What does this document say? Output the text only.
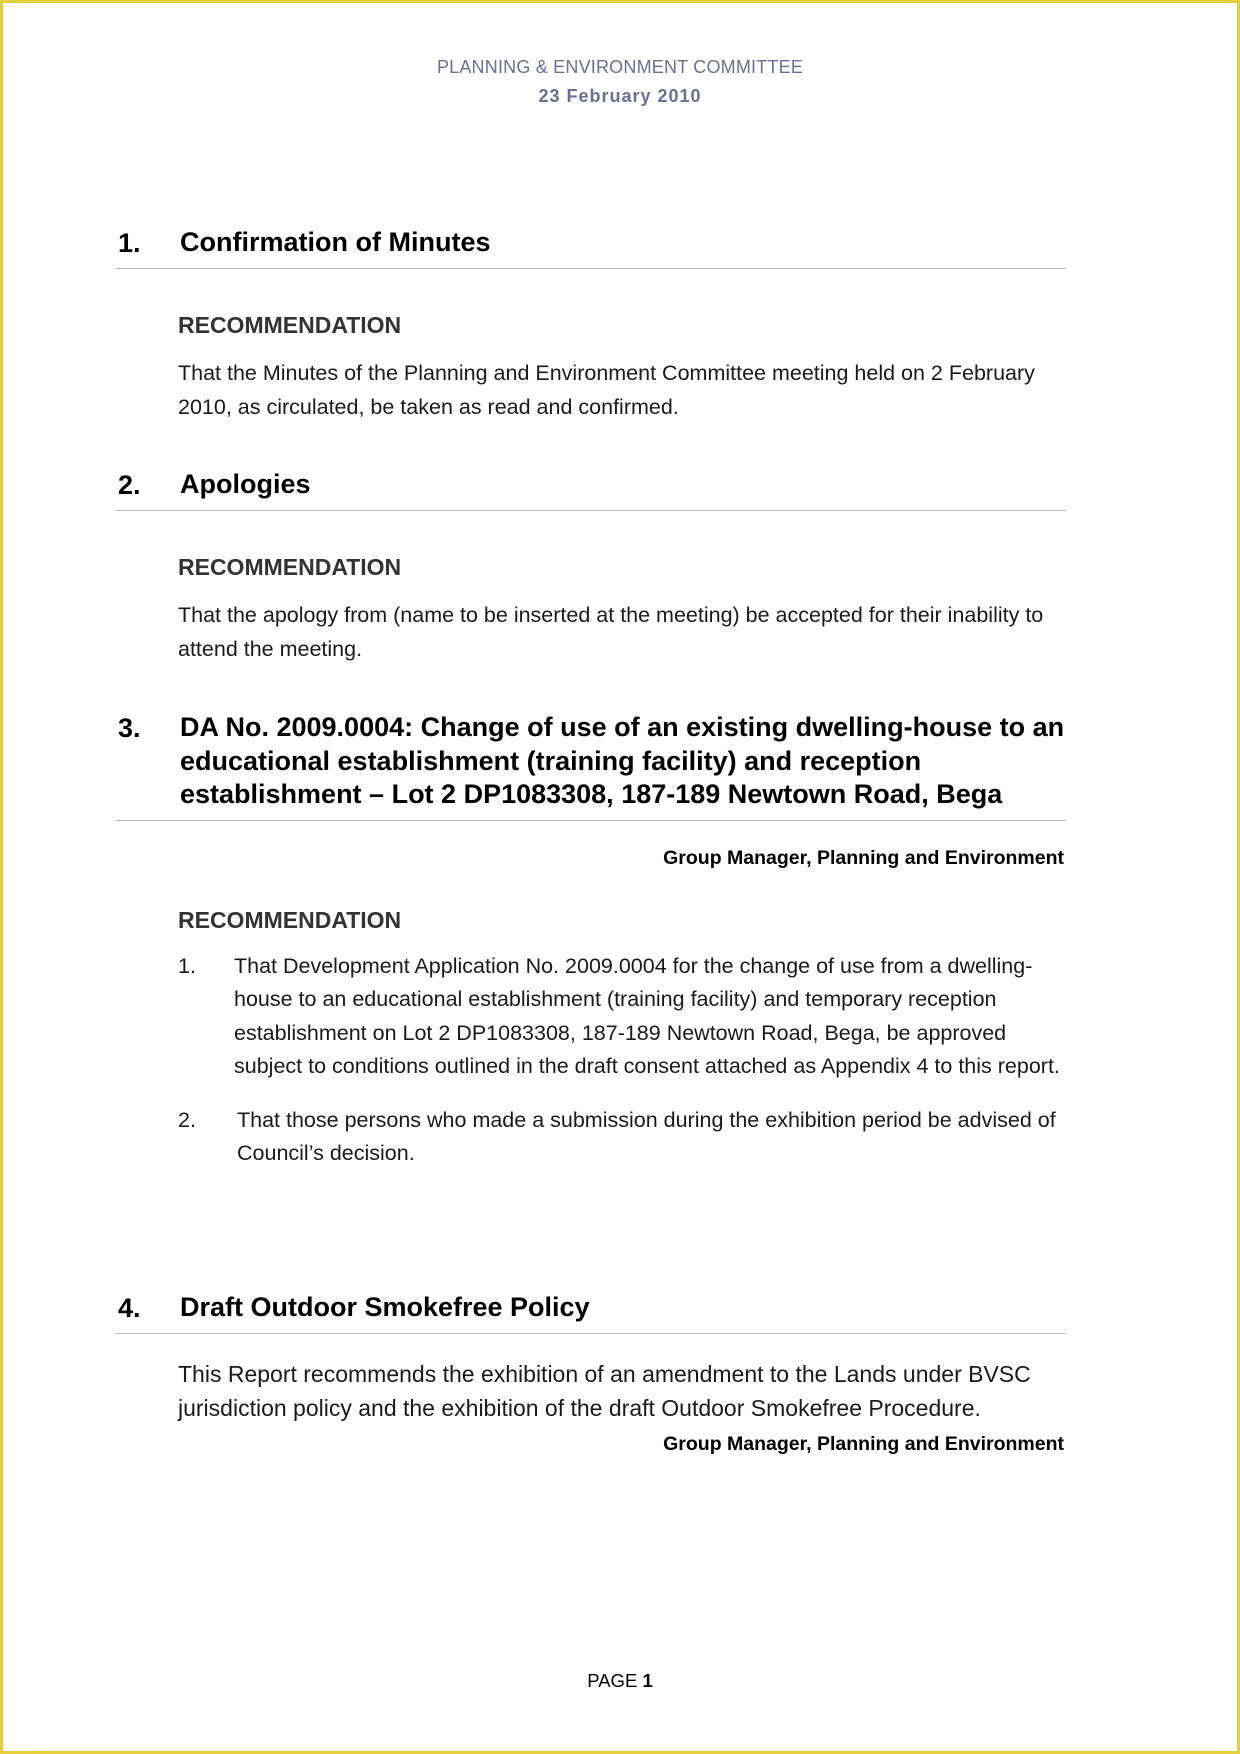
PLANNING & ENVIRONMENT COMMITTEE
23 February 2010
1.	Confirmation of Minutes
RECOMMENDATION
That the Minutes of the Planning and Environment Committee meeting held on 2 February 2010, as circulated, be taken as read and confirmed.
2.	Apologies
RECOMMENDATION
That the apology from (name to be inserted at the meeting) be accepted for their inability to attend the meeting.
3.	DA No. 2009.0004: Change of use of an existing dwelling-house to an educational establishment (training facility) and reception establishment – Lot 2 DP1083308, 187-189 Newtown Road, Bega
Group Manager, Planning and Environment
RECOMMENDATION
1.	That Development Application No. 2009.0004 for the change of use from a dwelling-house to an educational establishment (training facility) and temporary reception establishment on Lot 2 DP1083308, 187-189 Newtown Road, Bega, be approved subject to conditions outlined in the draft consent attached as Appendix 4 to this report.
2.	That those persons who made a submission during the exhibition period be advised of Council’s decision.
4.	Draft Outdoor Smokefree Policy
This Report recommends the exhibition of an amendment to the Lands under BVSC jurisdiction policy and the exhibition of the draft Outdoor Smokefree Procedure.
Group Manager, Planning and Environment
PAGE 1
